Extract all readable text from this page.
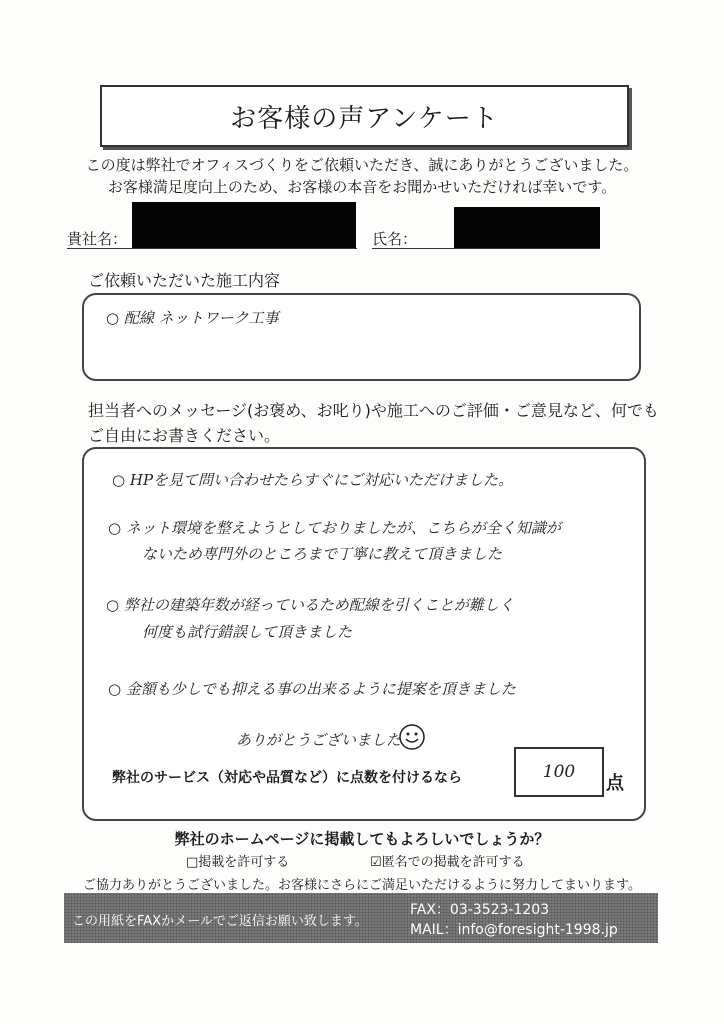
お客様の声アンケート
この度は弊社でオフィスづくりをご依頼いただき、誠にありがとうございました。
お客様満足度向上のため、お客様の本音をお聞かせいただければ幸いです。
貴社名：	氏名：
ご依頼いただいた施工内容
○ 配線 ネットワーク工事
担当者へのメッセージ(お褒め、お叱り)や施工へのご評価・ご意見など、何でも
ご自由にお書きください。
○ HPを見て問い合わせたらすぐにご対応いただけました。
○ ネット環境を整えようとしておりましたが、こちらが全く知識が
ないため専門外のところまで丁寧に教えて頂きました
○ 弊社の建築年数が経っているため配線を引くことが難しく
何度も試行錯誤して頂きました
○ 金額も少しでも抑える事の出来るように提案を頂きました
ありがとうございました
弊社のサービス（対応や品質など）に点数を付けるなら	100
点
弊社のホームページに掲載してもよろしいでしょうか？
□掲載を許可する	☑匿名での掲載を許可する
ご協力ありがとうございました。お客様にさらにご満足いただけるように努力してまいります。
この用紙をFAXかメールでご返信お願い致します。
FAX：03-3523-1203
MAIL：info@foresight-1998.jp
